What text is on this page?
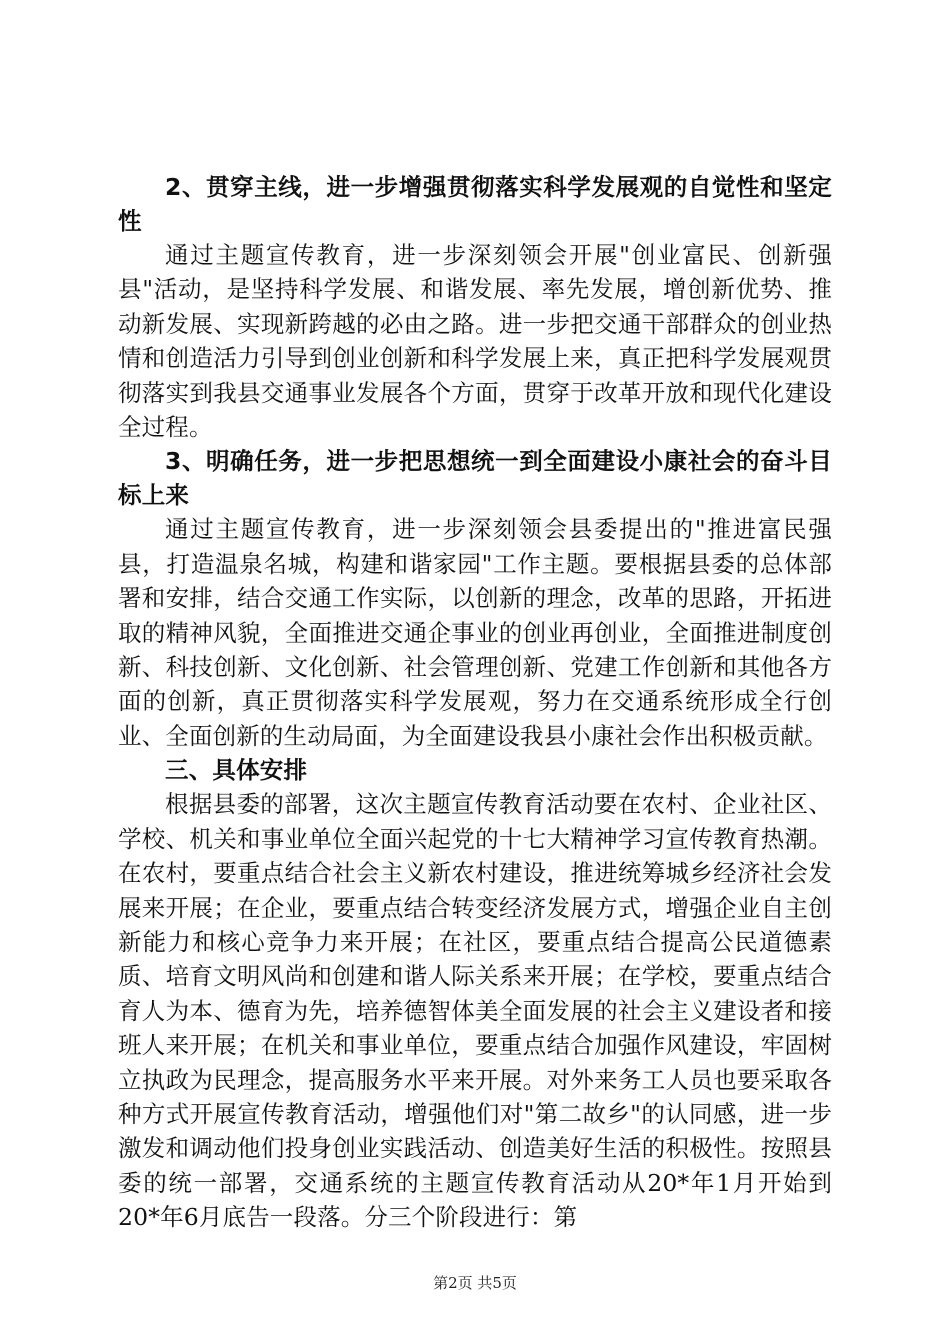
2、贯穿主线，进一步增强贯彻落实科学发展观的自觉性和坚定性

通过主题宣传教育，进一步深刻领会开展"创业富民、创新强县"活动，是坚持科学发展、和谐发展、率先发展，增创新优势、推动新发展、实现新跨越的必由之路。进一步把交通干部群众的创业热情和创造活力引导到创业创新和科学发展上来，真正把科学发展观贯彻落实到我县交通事业发展各个方面，贯穿于改革开放和现代化建设全过程。

3、明确任务，进一步把思想统一到全面建设小康社会的奋斗目标上来

通过主题宣传教育，进一步深刻领会县委提出的"推进富民强县，打造温泉名城，构建和谐家园"工作主题。要根据县委的总体部署和安排，结合交通工作实际，以创新的理念，改革的思路，开拓进取的精神风貌，全面推进交通企事业的创业再创业，全面推进制度创新、科技创新、文化创新、社会管理创新、党建工作创新和其他各方面的创新，真正贯彻落实科学发展观，努力在交通系统形成全行创业、全面创新的生动局面，为全面建设我县小康社会作出积极贡献。

三、具体安排

根据县委的部署，这次主题宣传教育活动要在农村、企业社区、学校、机关和事业单位全面兴起党的十七大精神学习宣传教育热潮。在农村，要重点结合社会主义新农村建设，推进统筹城乡经济社会发展来开展；在企业，要重点结合转变经济发展方式，增强企业自主创新能力和核心竞争力来开展；在社区，要重点结合提高公民道德素质、培育文明风尚和创建和谐人际关系来开展；在学校，要重点结合育人为本、德育为先，培养德智体美全面发展的社会主义建设者和接班人来开展；在机关和事业单位，要重点结合加强作风建设，牢固树立执政为民理念，提高服务水平来开展。对外来务工人员也要采取各种方式开展宣传教育活动，增强他们对"第二故乡"的认同感，进一步激发和调动他们投身创业实践活动、创造美好生活的积极性。按照县委的统一部署，交通系统的主题宣传教育活动从20*年1月开始到20*年6月底告一段落。分三个阶段进行：第

第2页 共5页
